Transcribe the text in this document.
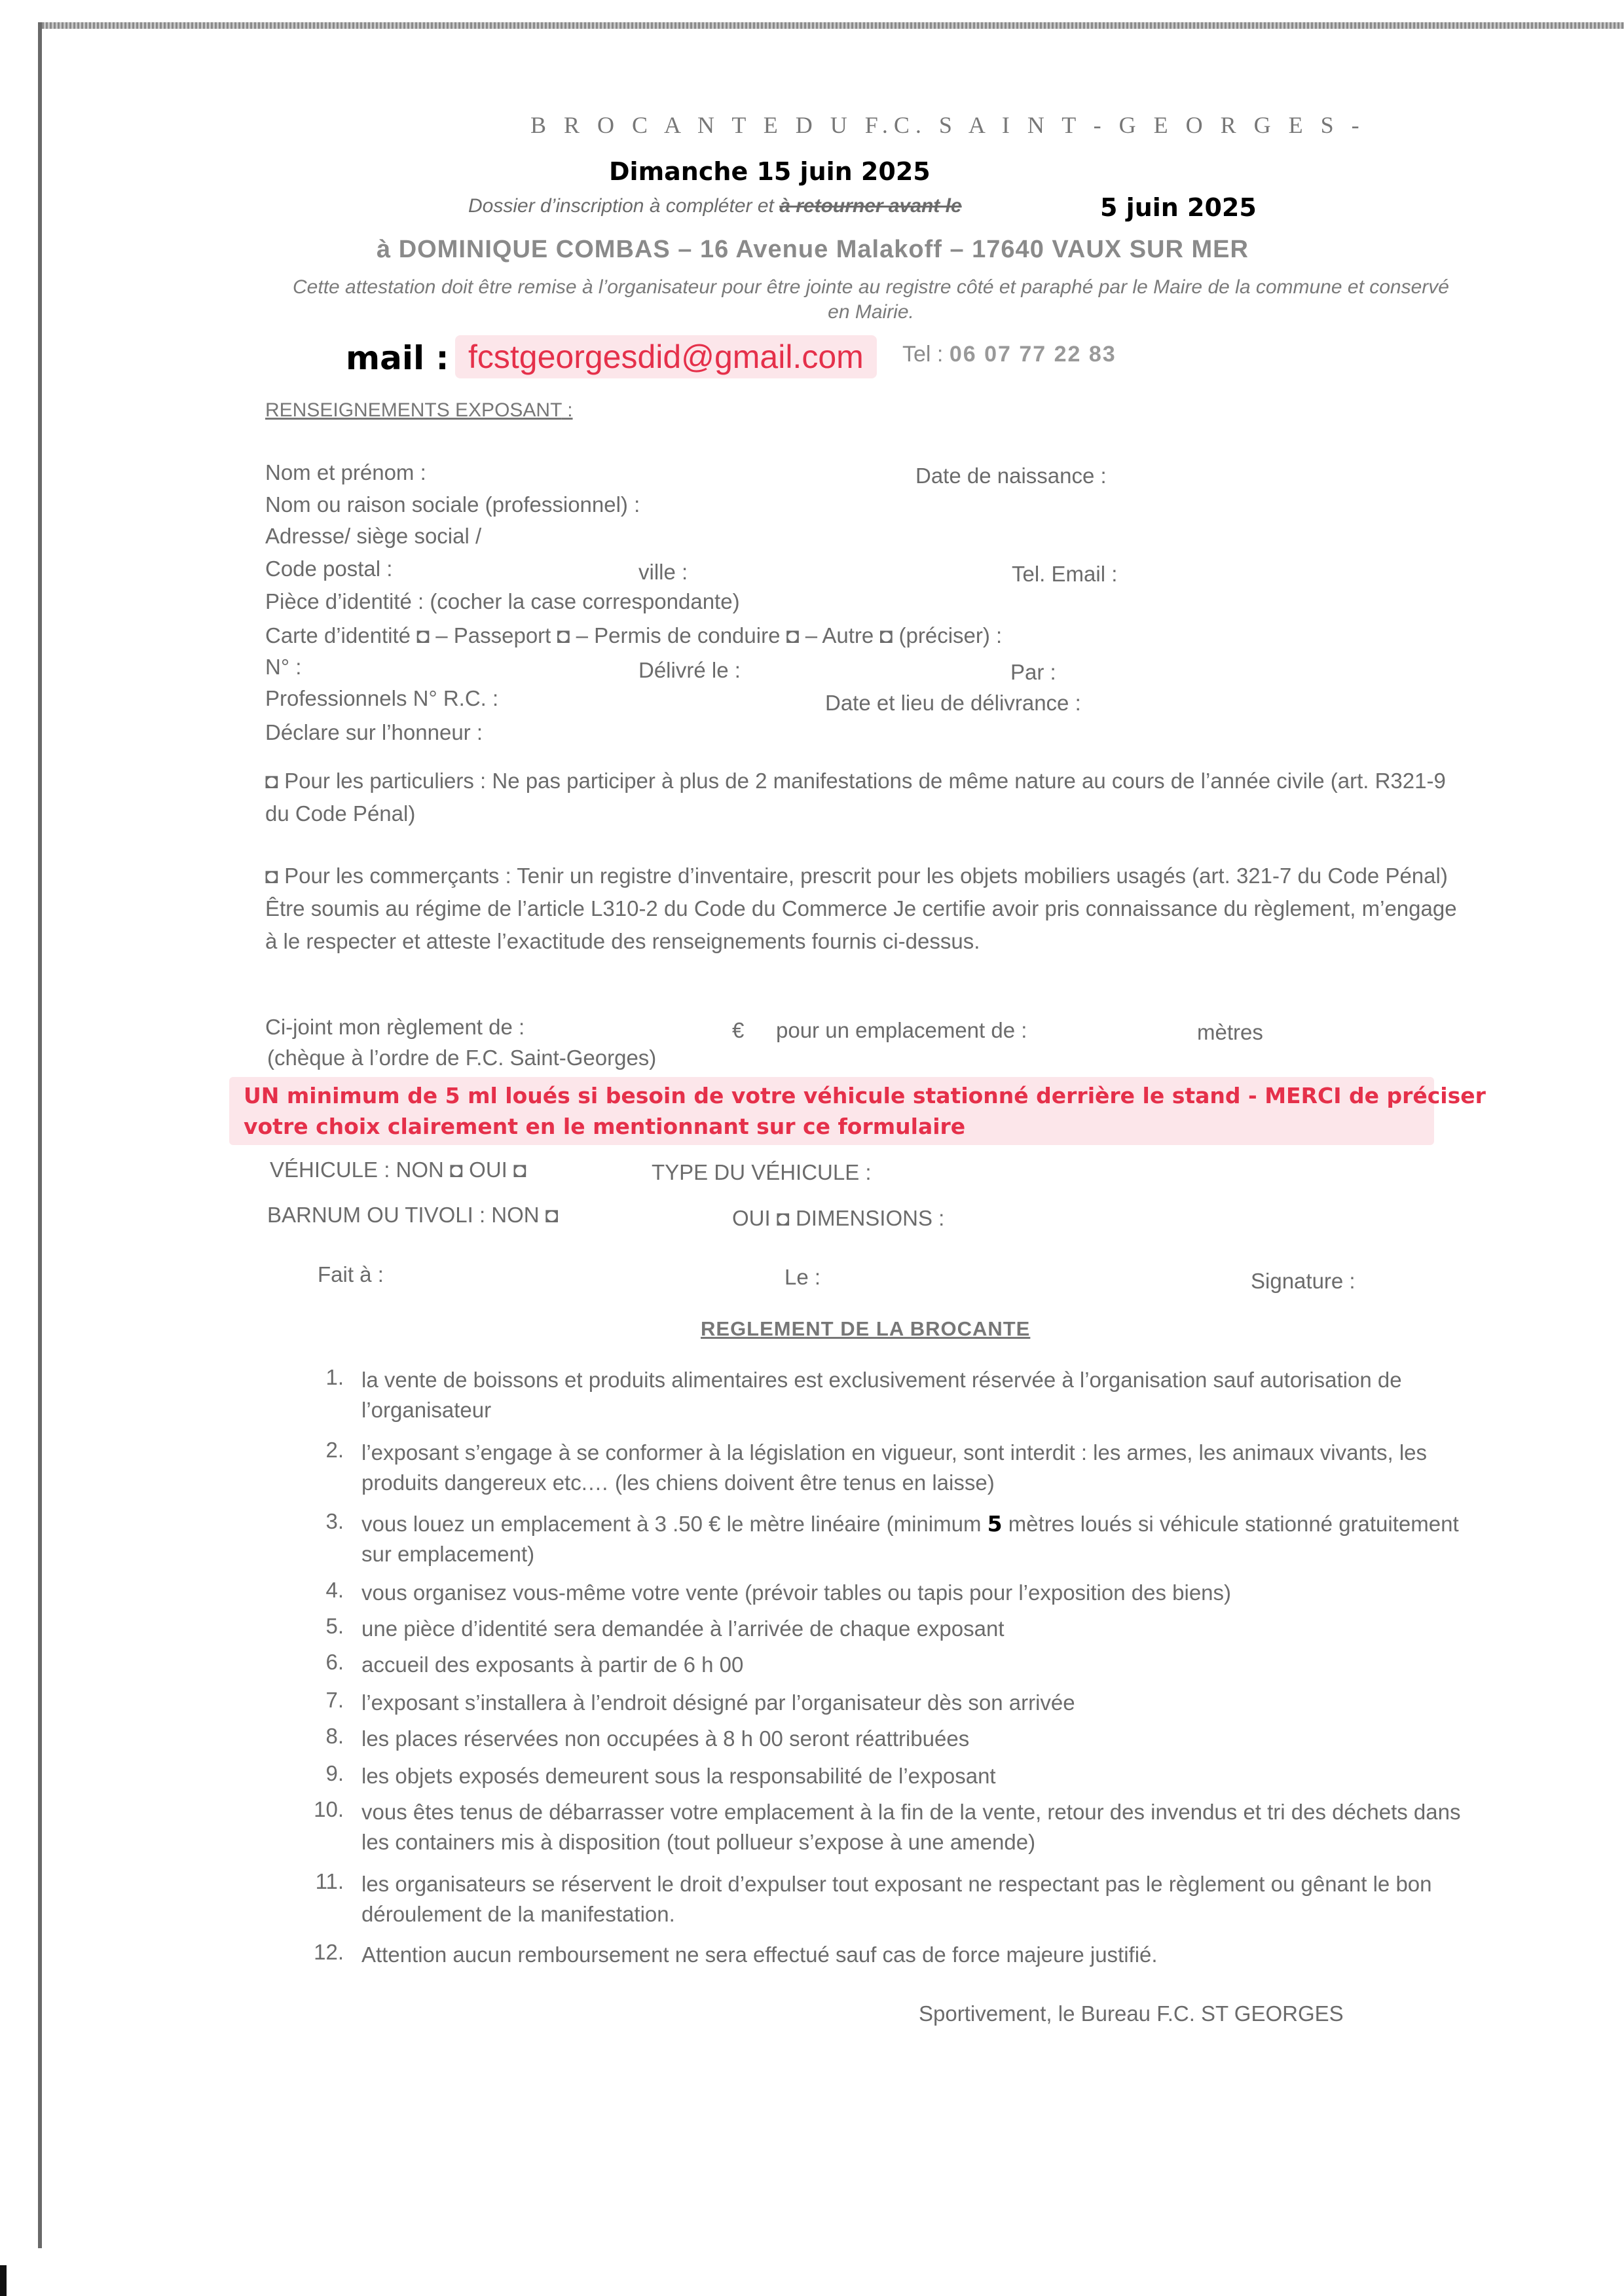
B R O C A N T E D U F.C. S A I N T - G E O R G E S -
Dimanche 15 juin 2025
Dossier d’inscription à compléter et à retourner avant le	5 juin 2025
à DOMINIQUE COMBAS – 16 Avenue Malakoff – 17640 VAUX SUR MER
Cette attestation doit être remise à l’organisateur pour être jointe au registre côté et paraphé par le Maire de la commune et conservé en Mairie.
mail : fcstgeorgesdid@gmail.com	Tel : 06 07 77 22 83
RENSEIGNEMENTS EXPOSANT :
Nom et prénom :	Date de naissance :
Nom ou raison sociale (professionnel) :
Adresse/ siège social /
Code postal :	ville :	Tel. Email :
Pièce d’identité : (cocher la case correspondante)
Carte d’identité ◘ – Passeport ◘ – Permis de conduire ◘ – Autre ◘ (préciser) :
N° :	Délivré le :	Par :
Professionnels N° R.C. :	Date et lieu de délivrance :
Déclare sur l’honneur :
◘ Pour les particuliers : Ne pas participer à plus de 2 manifestations de même nature au cours de l’année civile (art. R321-9 du Code Pénal)
◘ Pour les commerçants : Tenir un registre d’inventaire, prescrit pour les objets mobiliers usagés (art. 321-7 du Code Pénal) Être soumis au régime de l’article L310-2 du Code du Commerce Je certifie avoir pris connaissance du règlement, m’engage à le respecter et atteste l’exactitude des renseignements fournis ci-dessus.
Ci-joint mon règlement de :	€ pour un emplacement de :	mètres
(chèque à l’ordre de F.C. Saint-Georges)
UN minimum de 5 ml loués si besoin de votre véhicule stationné derrière le stand - MERCI de préciser
votre choix clairement en le mentionnant sur ce formulaire
VÉHICULE : NON ◘ OUI ◘	TYPE DU VÉHICULE :
BARNUM OU TIVOLI : NON ◘	OUI ◘ DIMENSIONS :
Fait à :	Le :	Signature :
REGLEMENT DE LA BROCANTE
1. la vente de boissons et produits alimentaires est exclusivement réservée à l’organisation sauf autorisation de l’organisateur
2. l’exposant s’engage à se conformer à la législation en vigueur, sont interdit : les armes, les animaux vivants, les produits dangereux etc.… (les chiens doivent être tenus en laisse)
3. vous louez un emplacement à 3 .50 € le mètre linéaire (minimum 5 mètres loués si véhicule stationné gratuitement sur emplacement)
4. vous organisez vous-même votre vente (prévoir tables ou tapis pour l’exposition des biens)
5. une pièce d’identité sera demandée à l’arrivée de chaque exposant
6. accueil des exposants à partir de 6 h 00
7. l’exposant s’installera à l’endroit désigné par l’organisateur dès son arrivée
8. les places réservées non occupées à 8 h 00 seront réattribuées
9. les objets exposés demeurent sous la responsabilité de l’exposant
10. vous êtes tenus de débarrasser votre emplacement à la fin de la vente, retour des invendus et tri des déchets dans les containers mis à disposition (tout pollueur s’expose à une amende)
11. les organisateurs se réservent le droit d’expulser tout exposant ne respectant pas le règlement ou gênant le bon déroulement de la manifestation.
12. Attention aucun remboursement ne sera effectué sauf cas de force majeure justifié.
Sportivement, le Bureau F.C. ST GEORGES
